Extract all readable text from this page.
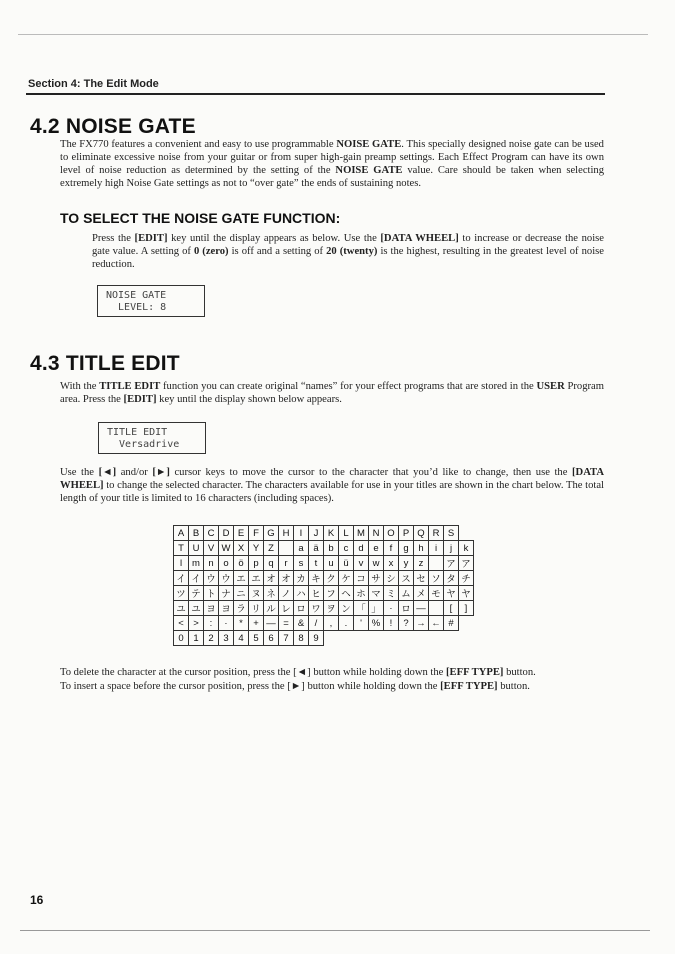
Section 4: The Edit Mode
4.2 NOISE GATE
The FX770 features a convenient and easy to use programmable NOISE GATE. This specially designed noise gate can be used to eliminate excessive noise from your guitar or from super high-gain preamp settings. Each Effect Program can have its own level of noise reduction as determined by the setting of the NOISE GATE value. Care should be taken when selecting extremely high Noise Gate settings as not to “over gate” the ends of sustaining notes.
TO SELECT THE NOISE GATE FUNCTION:
Press the [EDIT] key until the display appears as below. Use the [DATA WHEEL] to increase or decrease the noise gate value. A setting of 0 (zero) is off and a setting of 20 (twenty) is the highest, resulting in the greatest level of noise reduction.
NOISE GATE
LEVEL: 8
4.3 TITLE EDIT
With the TITLE EDIT function you can create original “names” for your effect programs that are stored in the USER Program area. Press the [EDIT] key until the display shown below appears.
TITLE EDIT
Versadrive
Use the [◄] and/or [►] cursor keys to move the cursor to the character that you’d like to change, then use the [DATA WHEEL] to change the selected character. The characters available for use in your titles are shown in the chart below. The total length of your title is limited to 16 characters (including spaces).
A	B	C	D	E	F	G	H	I	J	K	L	M	N	O	P	Q	R	S	
T	U	V	W	X	Y	Z		a	ä	b	c	d	e	f	g	h	i	j	k
l	m	n	o	ö	p	q	r	s	t	u	ü	v	w	x	y	z		ア	ア
イ	イ	ウ	ウ	エ	エ	オ	オ	カ	キ	ク	ケ	コ	サ	シ	ス	セ	ソ	タ	チ
ツ	テ	ト	ナ	ニ	ヌ	ネ	ノ	ハ	ヒ	フ	ヘ	ホ	マ	ミ	ム	メ	モ	ヤ	ヤ
ユ	ユ	ヨ	ヨ	ラ	リ	ル	レ	ロ	ワ	ヲ	ン	「	」	·	ロ	—		[	]
<	>	:	·	*	+	—	=	&	/	,	.	'	%	!	?	→	←	#	
0	1	2	3	4	5	6	7	8	9										
To delete the character at the cursor position, press the [◄] button while holding down the [EFF TYPE] button.
To insert a space before the cursor position, press the [►] button while holding down the [EFF TYPE] button.
16
